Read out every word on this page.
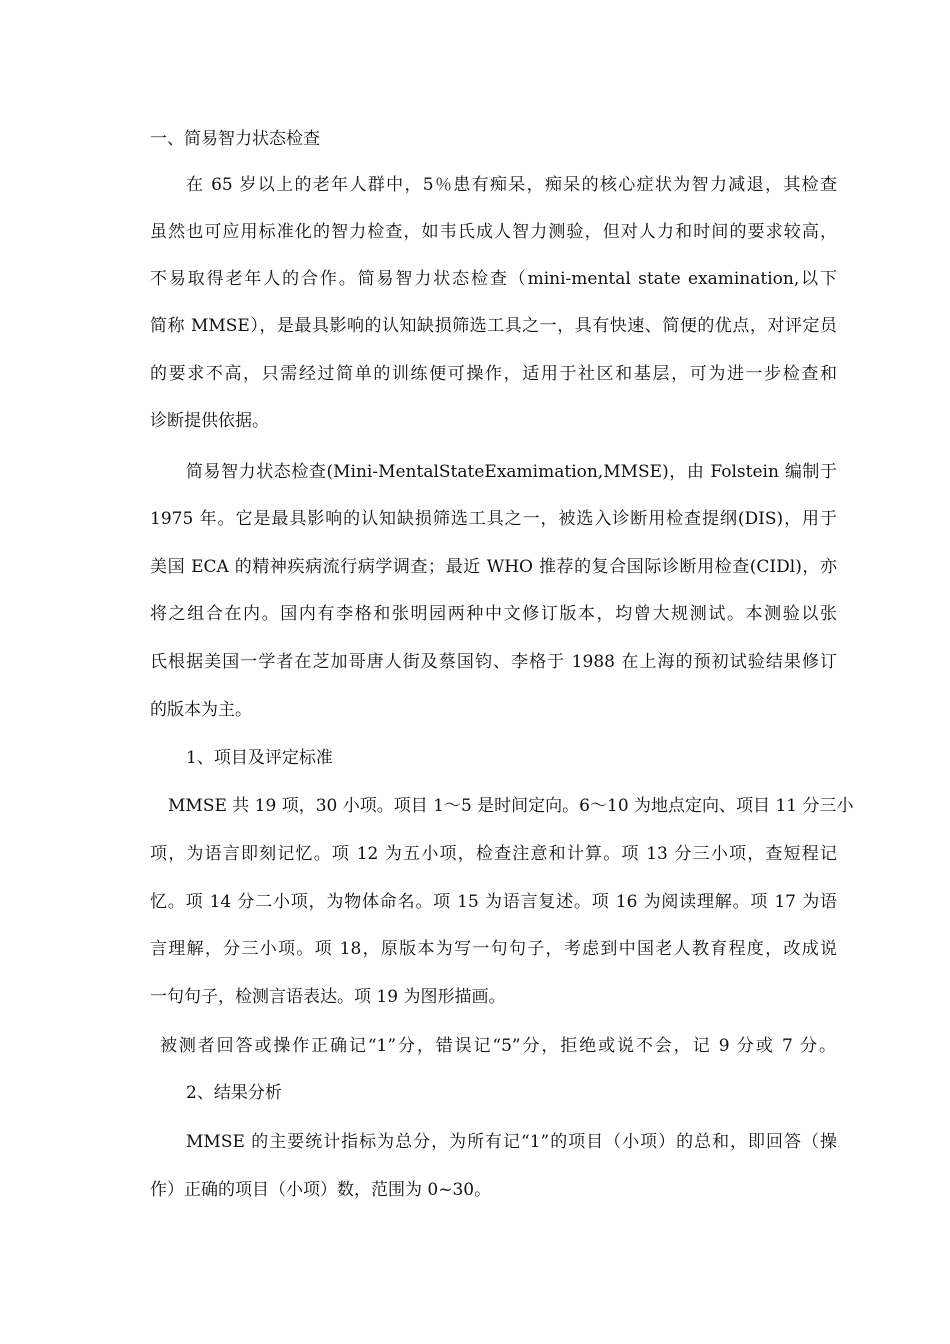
一、简易智力状态检查
在 65 岁以上的老年人群中，5％患有痴呆，痴呆的核心症状为智力减退，其检查
虽然也可应用标准化的智力检查，如韦氏成人智力测验，但对人力和时间的要求较高，
不易取得老年人的合作。简易智力状态检查（mini-mental state examination,以下
简称 MMSE），是最具影响的认知缺损筛选工具之一，具有快速、简便的优点，对评定员
的要求不高，只需经过简单的训练便可操作，适用于社区和基层，可为进一步检查和
诊断提供依据。
简易智力状态检查(Mini-MentalStateExamimation,MMSE)，由 Folstein 编制于
1975 年。它是最具影响的认知缺损筛选工具之一，被选入诊断用检查提纲(DIS)，用于
美国 ECA 的精神疾病流行病学调查；最近 WHO 推荐的复合国际诊断用检查(CIDl)，亦
将之组合在内。国内有李格和张明园两种中文修订版本，均曾大规测试。本测验以张
氏根据美国一学者在芝加哥唐人街及蔡国钧、李格于 1988 在上海的预初试验结果修订
的版本为主。
1、项目及评定标准
MMSE 共 19 项，30 小项。项目 1～5 是时间定向。6～10 为地点定向、项目 11 分三小
项，为语言即刻记忆。项 12 为五小项，检查注意和计算。项 13 分三小项，查短程记
忆。项 14 分二小项，为物体命名。项 15 为语言复述。项 16 为阅读理解。项 17 为语
言理解，分三小项。项 18，原版本为写一句句子，考虑到中国老人教育程度，改成说
一句句子，检测言语表达。项 19 为图形描画。
被测者回答或操作正确记“1”分，错误记“5”分，拒绝或说不会，记 9 分或 7 分。
2、结果分析
MMSE 的主要统计指标为总分，为所有记“1”的项目（小项）的总和，即回答（操
作）正确的项目（小项）数，范围为 0~30。
